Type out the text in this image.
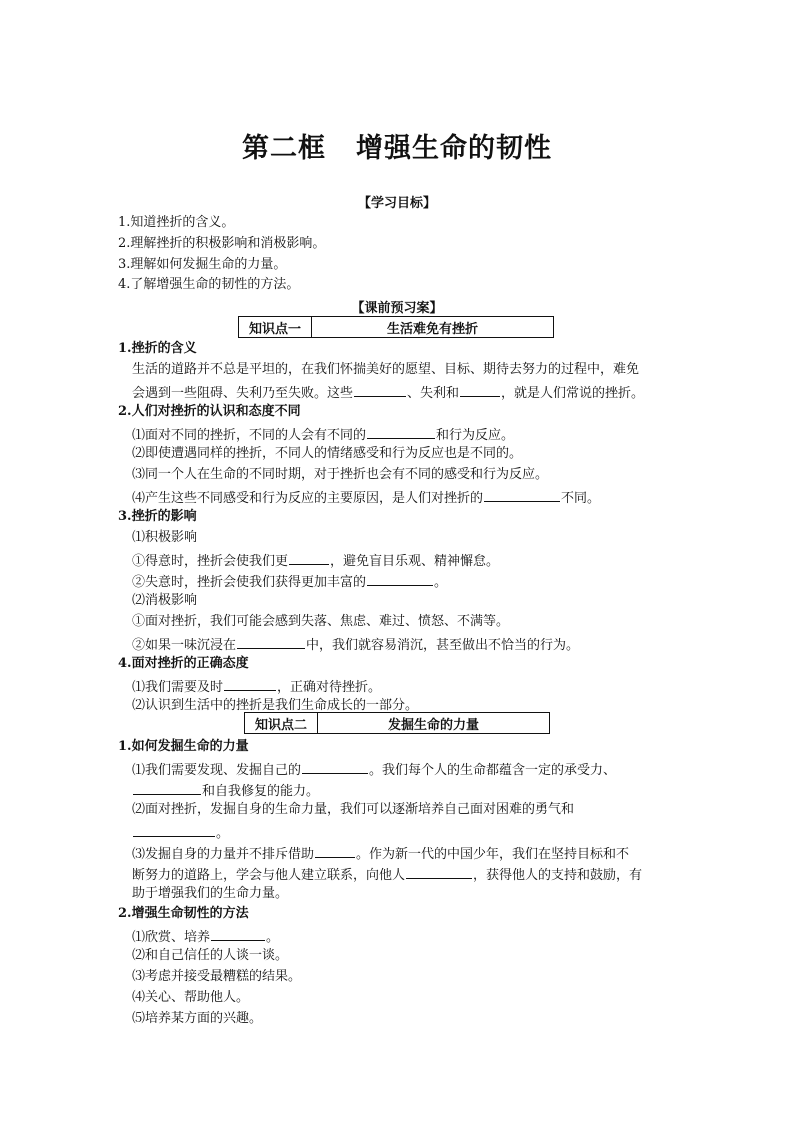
第二框 增强生命的韧性
【学习目标】
1.知道挫折的含义。
2.理解挫折的积极影响和消极影响。
3.理解如何发掘生命的力量。
4.了解增强生命的韧性的方法。
【课前预习案】
知识点一	生活难免有挫折
1.挫折的含义
生活的道路并不总是平坦的，在我们怀揣美好的愿望、目标、期待去努力的过程中，难免
会遇到一些阻碍、失利乃至失败。这些	、失利和	，就是人们常说的挫折。
2.人们对挫折的认识和态度不同
⑴面对不同的挫折，不同的人会有不同的	和行为反应。
⑵即使遭遇同样的挫折，不同人的情绪感受和行为反应也是不同的。
⑶同一个人在生命的不同时期，对于挫折也会有不同的感受和行为反应。
⑷产生这些不同感受和行为反应的主要原因，是人们对挫折的	不同。
3.挫折的影响
⑴积极影响
①得意时，挫折会使我们更	，避免盲目乐观、精神懈怠。
②失意时，挫折会使我们获得更加丰富的	。
⑵消极影响
①面对挫折，我们可能会感到失落、焦虑、难过、愤怒、不满等。
②如果一味沉浸在	中，我们就容易消沉，甚至做出不恰当的行为。
4.面对挫折的正确态度
⑴我们需要及时	，正确对待挫折。
⑵认识到生活中的挫折是我们生命成长的一部分。
知识点二	发掘生命的力量
1.如何发掘生命的力量
⑴我们需要发现、发掘自己的	。我们每个人的生命都蕴含一定的承受力、
和自我修复的能力。
⑵面对挫折，发掘自身的生命力量，我们可以逐渐培养自己面对困难的勇气和
。
⑶发掘自身的力量并不排斥借助	。作为新一代的中国少年，我们在坚持目标和不
断努力的道路上，学会与他人建立联系，向他人	，获得他人的支持和鼓励，有
助于增强我们的生命力量。
2.增强生命韧性的方法
⑴欣赏、培养	。
⑵和自己信任的人谈一谈。
⑶考虑并接受最糟糕的结果。
⑷关心、帮助他人。
⑸培养某方面的兴趣。
